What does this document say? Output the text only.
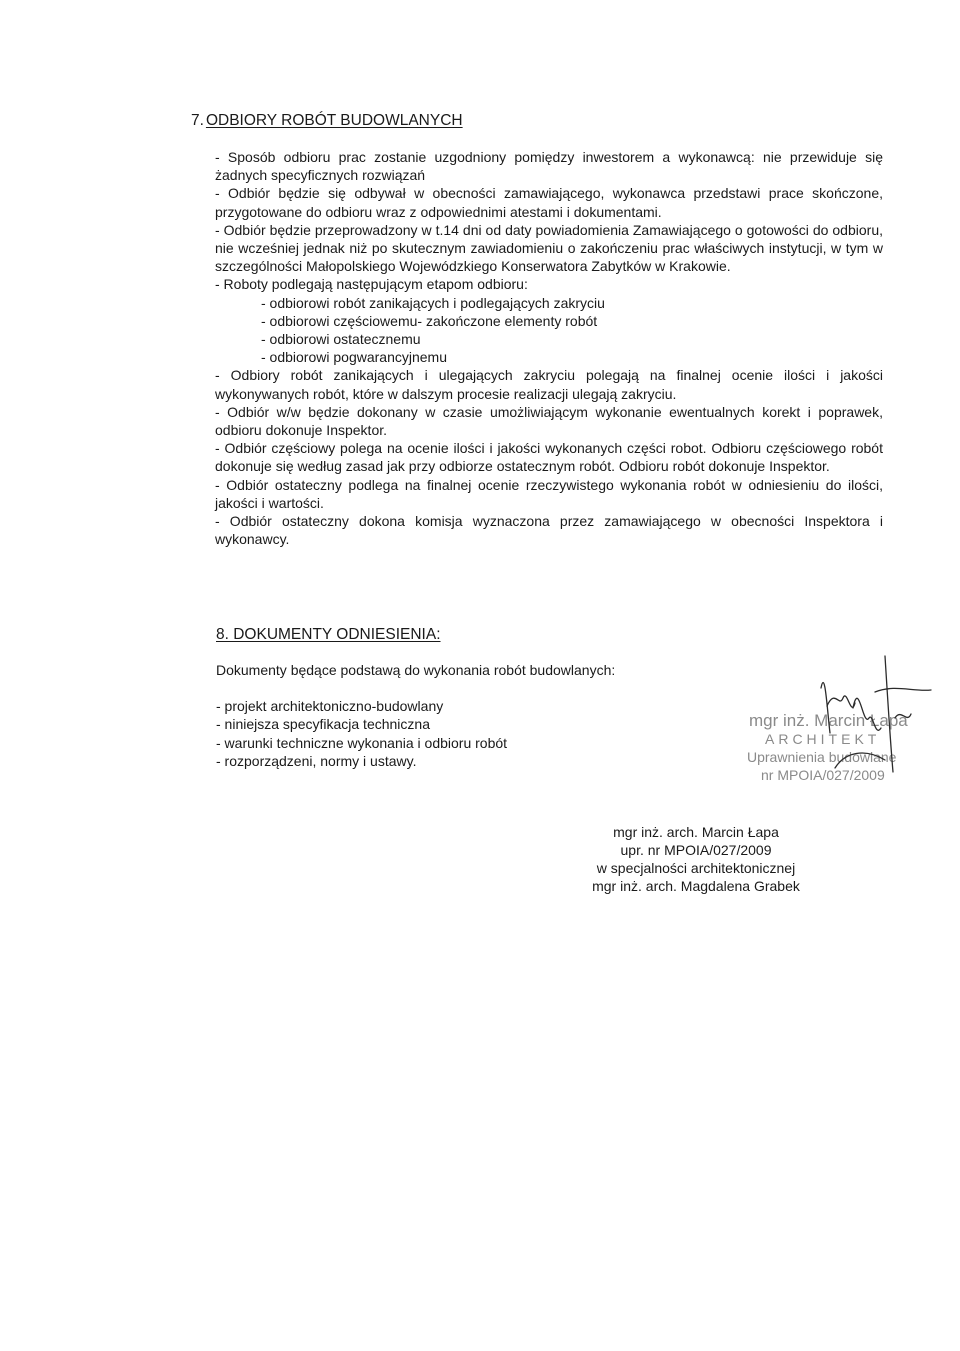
7. ODBIORY ROBÓT BUDOWLANYCH

- Sposób odbioru prac zostanie uzgodniony pomiędzy inwestorem a wykonawcą: nie przewiduje się żadnych specyficznych rozwiązań

- Odbiór będzie się odbywał w obecności zamawiającego, wykonawca przedstawi prace skończone, przygotowane do odbioru wraz z odpowiednimi atestami i dokumentami.

- Odbiór będzie przeprowadzony w t.14 dni od daty powiadomienia Zamawiającego o gotowości do odbioru, nie wcześniej jednak niż po skutecznym zawiadomieniu o zakończeniu prac właściwych instytucji, w tym w szczególności Małopolskiego Wojewódzkiego Konserwatora Zabytków w Krakowie.

- Roboty podlegają następującym etapom odbioru:

- odbiorowi robót zanikających i podlegających zakryciu

- odbiorowi częściowemu- zakończone elementy robót

- odbiorowi ostatecznemu

- odbiorowi pogwarancyjnemu

- Odbiory robót zanikających i ulegających zakryciu polegają na finalnej ocenie ilości i jakości wykonywanych robót, które w dalszym procesie realizacji ulegają zakryciu.

- Odbiór w/w będzie dokonany w czasie umożliwiającym wykonanie ewentualnych korekt i poprawek, odbioru dokonuje Inspektor.

- Odbiór częściowy polega na ocenie ilości i jakości wykonanych części robot. Odbioru częściowego robót dokonuje się według zasad jak przy odbiorze ostatecznym robót. Odbioru robót dokonuje Inspektor.

- Odbiór ostateczny podlega na finalnej ocenie rzeczywistego wykonania robót w odniesieniu do ilości, jakości i wartości.

- Odbiór ostateczny dokona komisja wyznaczona przez zamawiającego w obecności Inspektora i wykonawcy.

8. DOKUMENTY ODNIESIENIA:
Dokumenty będące podstawą do wykonania robót budowlanych:
- projekt architektoniczno-budowlany
- niniejsza specyfikacja techniczna
- warunki techniczne wykonania i odbioru robót
- rozporządzeni, normy i ustawy.
mgr inż. Marcin Łapa
ARCHITEKT
Uprawnienia budowlane
nr MPOIA/027/2009
mgr inż. arch. Marcin Łapa
upr. nr MPOIA/027/2009
w specjalności architektonicznej
mgr inż. arch. Magdalena Grabek
